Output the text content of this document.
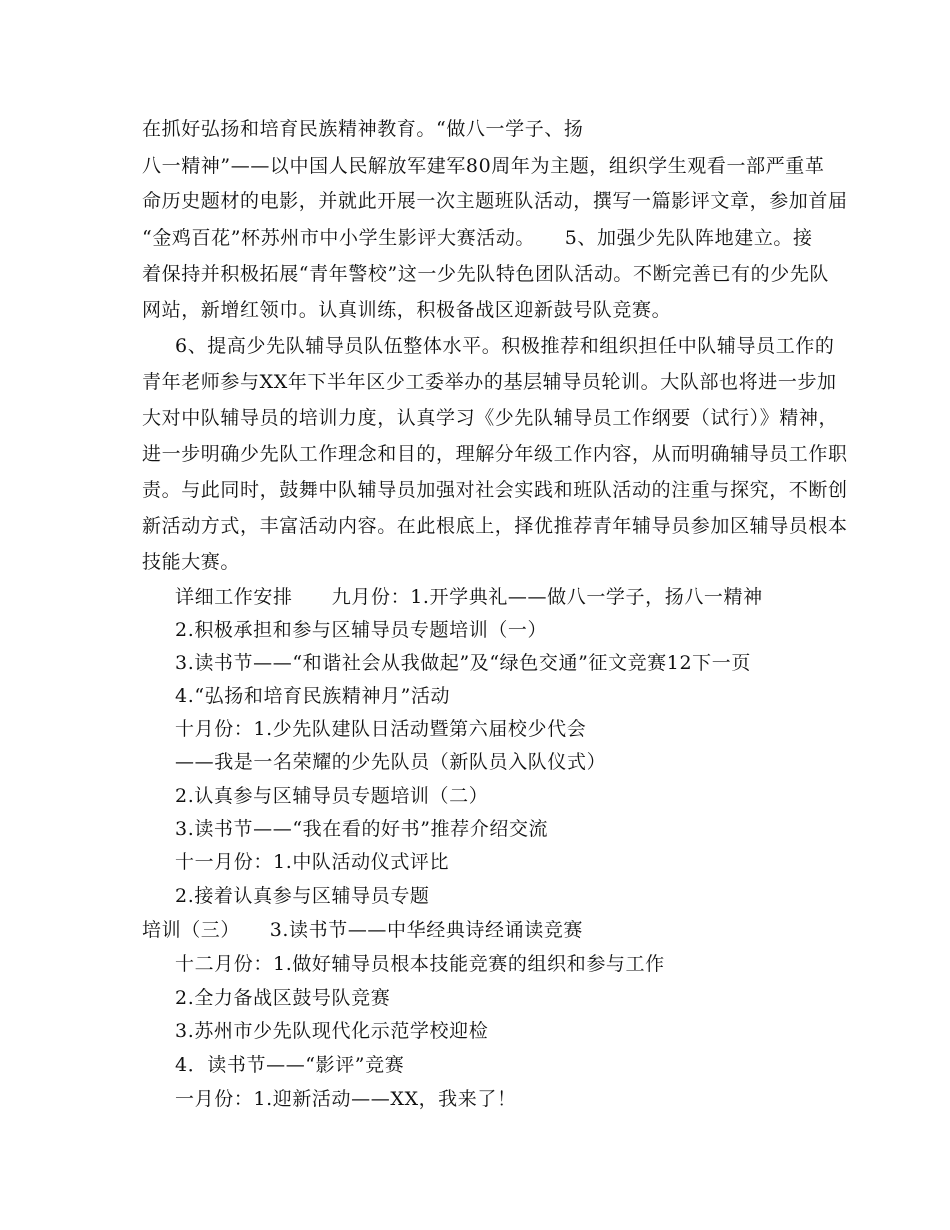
在抓好弘扬和培育民族精神教育。“做八一学子、扬
八一精神”——以中国人民解放军建军80周年为主题，组织学生观看一部严重革
命历史题材的电影，并就此开展一次主题班队活动，撰写一篇影评文章，参加首届
“金鸡百花”杯苏州市中小学生影评大赛活动。　　5、加强少先队阵地建立。接
着保持并积极拓展“青年警校”这一少先队特色团队活动。不断完善已有的少先队
网站，新增红领巾。认真训练，积极备战区迎新鼓号队竞赛。
6、提高少先队辅导员队伍整体水平。积极推荐和组织担任中队辅导员工作的
青年老师参与XX年下半年区少工委举办的基层辅导员轮训。大队部也将进一步加
大对中队辅导员的培训力度，认真学习《少先队辅导员工作纲要（试行）》精神，
进一步明确少先队工作理念和目的，理解分年级工作内容，从而明确辅导员工作职
责。与此同时，鼓舞中队辅导员加强对社会实践和班队活动的注重与探究，不断创
新活动方式，丰富活动内容。在此根底上，择优推荐青年辅导员参加区辅导员根本
技能大赛。
详细工作安排　　九月份：1.开学典礼——做八一学子，扬八一精神
2.积极承担和参与区辅导员专题培训（一）
3.读书节——“和谐社会从我做起”及“绿色交通”征文竞赛12下一页
4.“弘扬和培育民族精神月”活动
十月份：1.少先队建队日活动暨第六届校少代会
——我是一名荣耀的少先队员（新队员入队仪式）
2.认真参与区辅导员专题培训（二）
3.读书节——“我在看的好书”推荐介绍交流
十一月份：1.中队活动仪式评比
2.接着认真参与区辅导员专题
培训（三）　　3.读书节——中华经典诗经诵读竞赛
十二月份：1.做好辅导员根本技能竞赛的组织和参与工作
2.全力备战区鼓号队竞赛
3.苏州市少先队现代化示范学校迎检
4．读书节——“影评”竞赛
一月份：1.迎新活动——XX，我来了！
